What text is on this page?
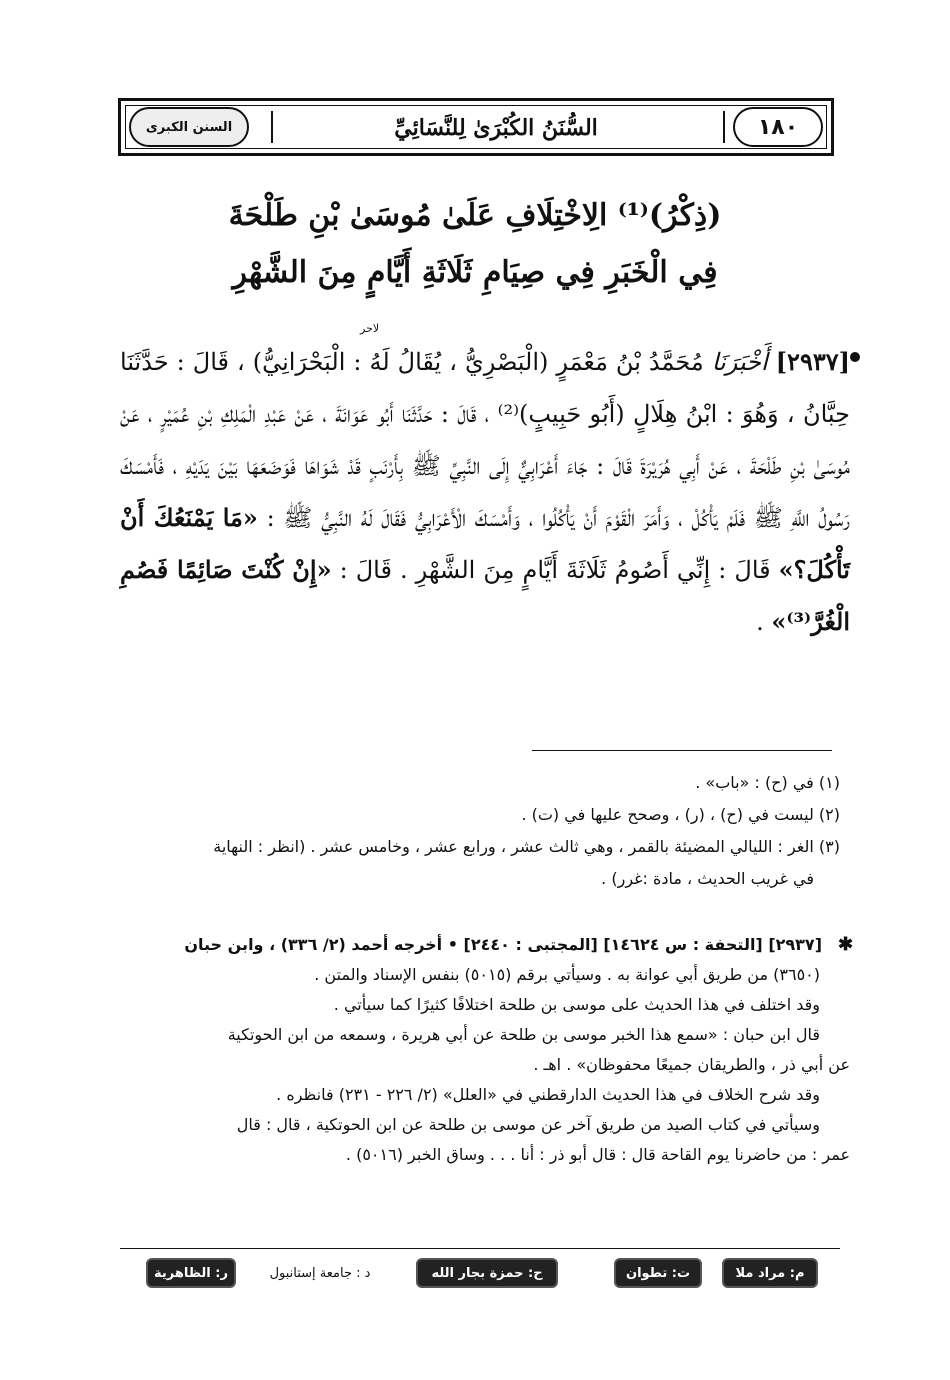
السنن الكبرى	السُّنَنُ الكُبْرَىٰ لِلنَّسَائِيِّ	١٨٠
(ذِكْرُ)⁽¹⁾ الِاخْتِلَافِ عَلَىٰ مُوسَىٰ بْنِ طَلْحَةَ
فِي الْخَبَرِ فِي صِيَامِ ثَلَاثَةِ أَيَّامٍ مِنَ الشَّهْرِ
لاحر
[٢٩٣٧] أَخْبَرَنَا مُحَمَّدُ بْنُ مَعْمَرٍ (الْبَصْرِيُّ ، يُقَالُ لَهُ : الْبَحْرَانِيُّ) ، قَالَ : حَدَّثَنَا حِبَّانُ ، وَهُوَ : ابْنُ هِلَالٍ (أَبُو حَبِيبٍ)⁽²⁾ ، قَالَ : حَدَّثَنَا أَبُو عَوَانَةَ ، عَنْ عَبْدِ الْمَلِكِ بْنِ عُمَيْرٍ ، عَنْ مُوسَىٰ بْنِ طَلْحَةَ ، عَنْ أَبِي هُرَيْرَةَ قَالَ : جَاءَ أَعْرَابِيٌّ إِلَى النَّبِيِّ ﷺ بِأَرْنَبٍ قَدْ شَوَاهَا فَوَضَعَهَا بَيْنَ يَدَيْهِ ، فَأَمْسَكَ رَسُولُ اللَّهِ ﷺ فَلَمْ يَأْكُلْ ، وَأَمَرَ الْقَوْمَ أَنْ يَأْكُلُوا ، وَأَمْسَكَ الْأَعْرَابِيُّ فَقَالَ لَهُ النَّبِيُّ ﷺ : «مَا يَمْنَعُكَ أَنْ تَأْكُلَ؟» قَالَ : إِنِّي أَصُومُ ثَلَاثَةَ أَيَّامٍ مِنَ الشَّهْرِ . قَالَ : «إِنْ كُنْتَ صَائِمًا فَصُمِ الْغُرَّ⁽³⁾» .

(١) في (ح) : «باب» .

(٢) ليست في (ح) ، (ر) ، وصحح عليها في (ت) .

(٣) الغر : الليالي المضيئة بالقمر ، وهي ثالث عشر ، ورابع عشر ، وخامس عشر . (انظر : النهاية

في غريب الحديث ، مادة :غرر) .

✱

[٢٩٣٧] [التحفة : س ١٤٦٢٤] [المجتبى : ٢٤٤٠] • أخرجه أحمد (٢/ ٣٣٦) ، وابن حبان

(٣٦٥٠) من طريق أبي عوانة به . وسيأتي برقم (٥٠١٥) بنفس الإسناد والمتن .

وقد اختلف في هذا الحديث على موسى بن طلحة اختلافًا كثيرًا كما سيأتي .

قال ابن حبان : «سمع هذا الخبر موسى بن طلحة عن أبي هريرة ، وسمعه من ابن الحوتكية

عن أبي ذر ، والطريقان جميعًا محفوظان» . اهـ .

وقد شرح الخلاف في هذا الحديث الدارقطني في «العلل» (٢/ ٢٢٦ - ٢٣١) فانظره .

وسيأتي في كتاب الصيد من طريق آخر عن موسى بن طلحة عن ابن الحوتكية ، قال : قال

عمر : من حاضرنا يوم القاحة قال : قال أبو ذر : أنا . . . وساق الخبر (٥٠١٦) .

م: مراد ملا
ت: تطوان
ح: حمزة بجار الله
د : جامعة إستانبول
ر: الظاهرية
